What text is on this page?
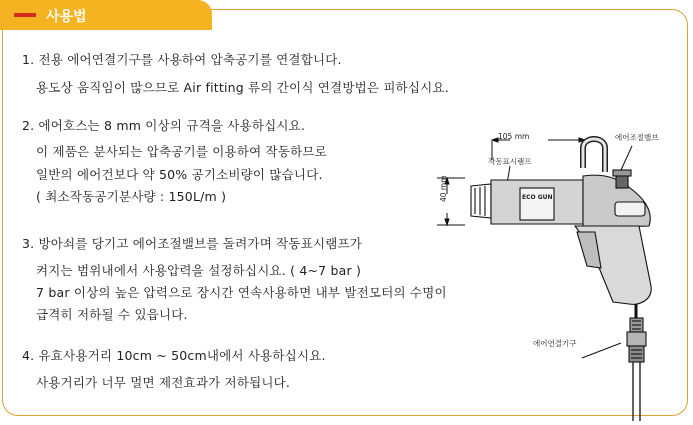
사용법
1. 전용 에어연결기구를 사용하여 압축공기를 연결합니다.
용도상 움직임이 많으므로 Air fitting 류의 간이식 연결방법은 피하십시요.
2. 에어호스는 8 mm 이상의 규격을 사용하십시요.
이 제품은 분사되는 압축공기를 이용하여 작동하므로
일반의 에어건보다 약 50% 공기소비량이 많습니다.
( 최소작동공기분사량 : 150L/m )
3. 방아쇠를 당기고 에어조절밸브를 돌려가며 작동표시램프가
켜지는 범위내에서 사용압력을 설정하십시요. ( 4~7 bar )
7 bar 이상의 높은 압력으로 장시간 연속사용하면 내부 발전모터의 수명이
급격히 저하될 수 있읍니다.
4. 유효사용거리 10cm ~ 50cm내에서 사용하십시요.
사용거리가 너무 멀면 제전효과가 저하됩니다.
105 mm
40 mm
작동표시램프
에어조절밸브
에어연결기구
ECO GUN
